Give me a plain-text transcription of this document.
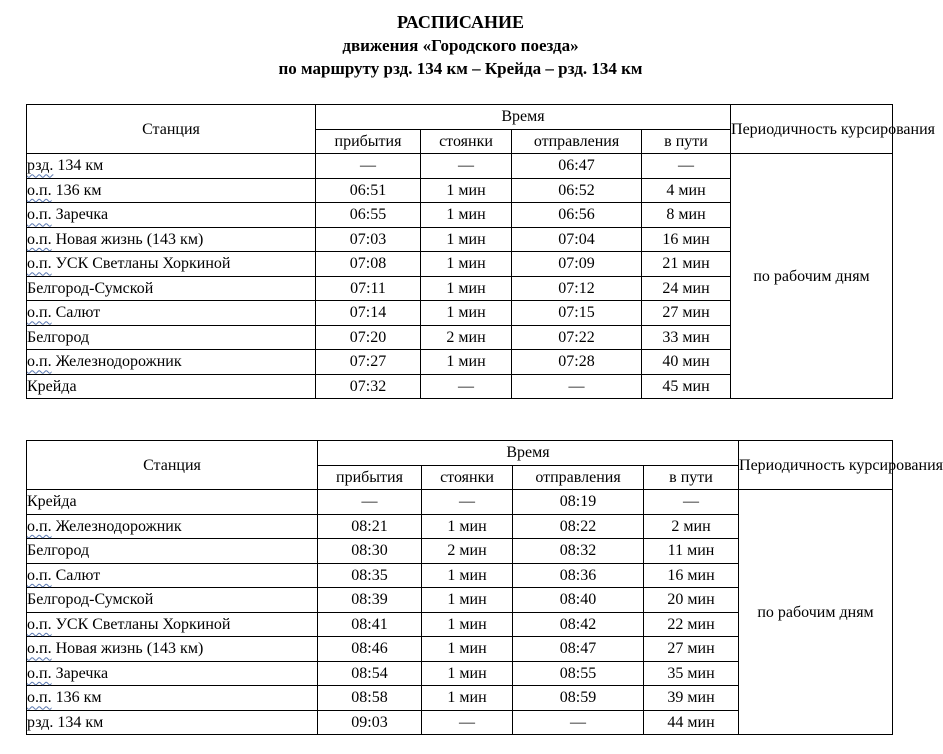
РАСПИСАНИЕ
движения «Городского поезда»
по маршруту рзд. 134 км – Крейда – рзд. 134 км
Станция	Время				Периодичность курсирования
	прибытия	стоянки	отправления	в пути	
рзд. 134 км	—	—	06:47	—	по рабочим дням
о.п. 136 км	06:51	1 мин	06:52	4 мин	
о.п. Заречка	06:55	1 мин	06:56	8 мин	
о.п. Новая жизнь (143 км)	07:03	1 мин	07:04	16 мин	
о.п. УСК Светланы Хоркиной	07:08	1 мин	07:09	21 мин	
Белгород-Сумской	07:11	1 мин	07:12	24 мин	
о.п. Салют	07:14	1 мин	07:15	27 мин	
Белгород	07:20	2 мин	07:22	33 мин	
о.п. Железнодорожник	07:27	1 мин	07:28	40 мин	
Крейда	07:32	—	—	45 мин	
Станция	Время				Периодичность курсирования
	прибытия	стоянки	отправления	в пути	
Крейда	—	—	08:19	—	по рабочим дням
о.п. Железнодорожник	08:21	1 мин	08:22	2 мин	
Белгород	08:30	2 мин	08:32	11 мин	
о.п. Салют	08:35	1 мин	08:36	16 мин	
Белгород-Сумской	08:39	1 мин	08:40	20 мин	
о.п. УСК Светланы Хоркиной	08:41	1 мин	08:42	22 мин	
о.п. Новая жизнь (143 км)	08:46	1 мин	08:47	27 мин	
о.п. Заречка	08:54	1 мин	08:55	35 мин	
о.п. 136 км	08:58	1 мин	08:59	39 мин	
рзд. 134 км	09:03	—	—	44 мин	
